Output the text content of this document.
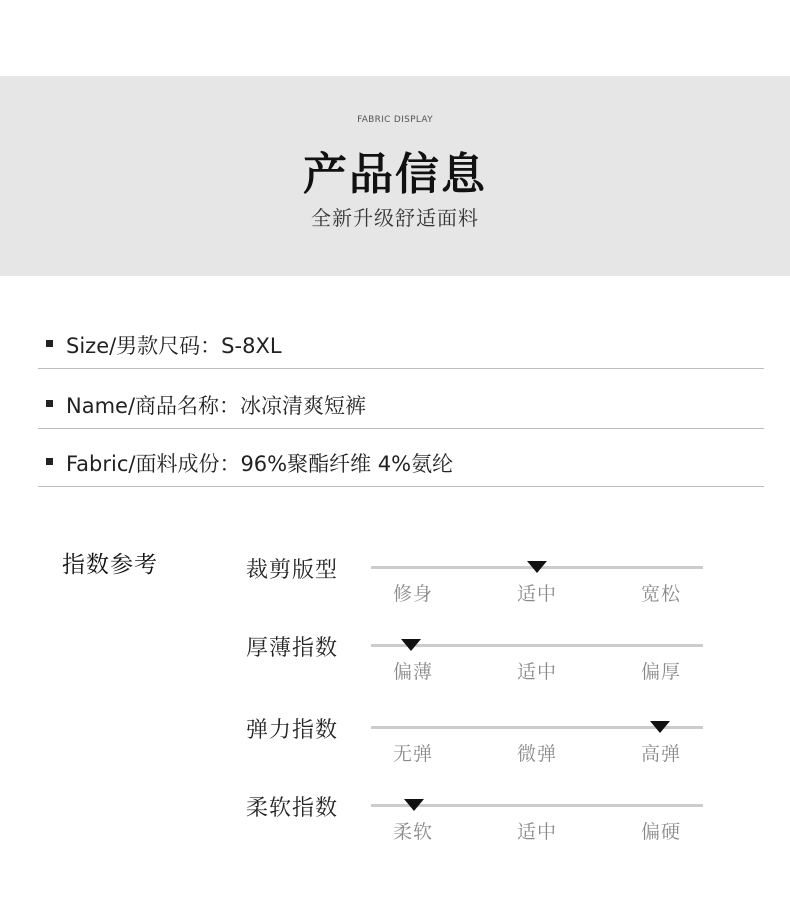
FABRIC DISPLAY
产品信息
全新升级舒适面料
Size/男款尺码：S-8XL
Name/商品名称：冰凉清爽短裤
Fabric/面料成份：96%聚酯纤维 4%氨纶
指数参考	裁剪版型
修身	适中	宽松
厚薄指数
偏薄	适中	偏厚
弹力指数
无弹	微弹	高弹
柔软指数
柔软	适中	偏硬
